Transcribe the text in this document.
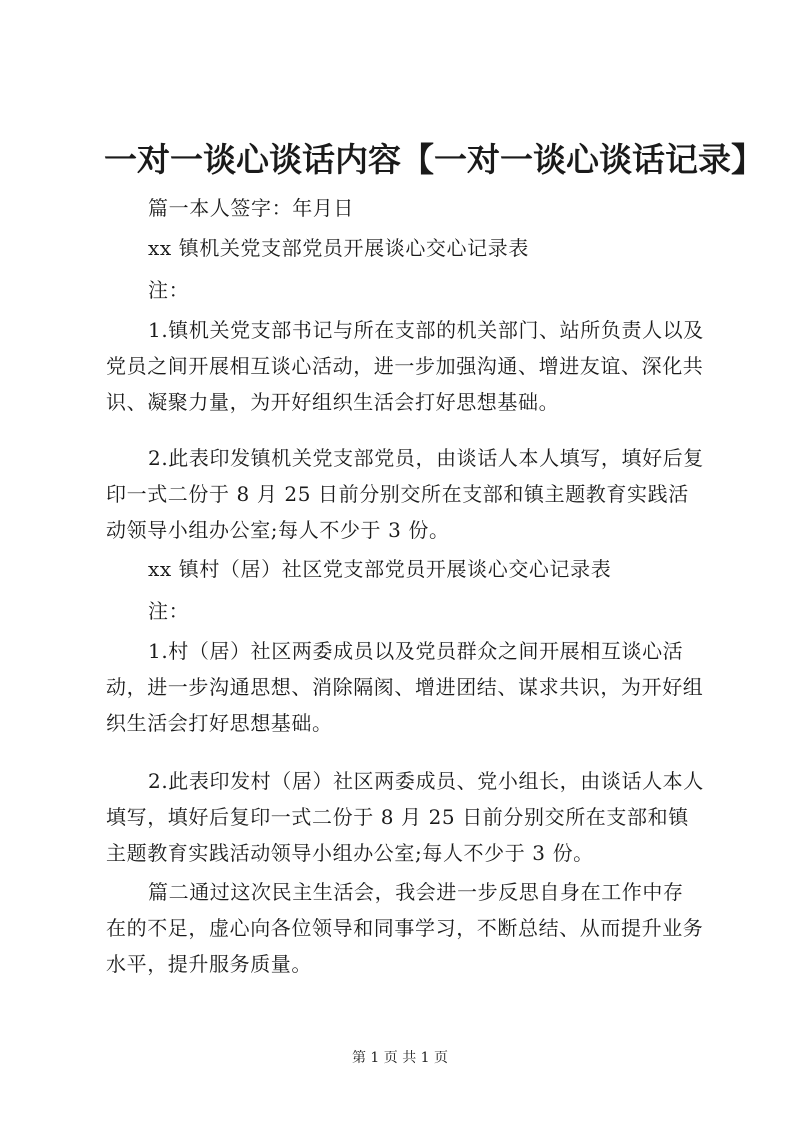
一对一谈心谈话内容【一对一谈心谈话记录】

篇一本人签字：年月日

xx 镇机关党支部党员开展谈心交心记录表

注：

1.镇机关党支部书记与所在支部的机关部门、站所负责人以及党员之间开展相互谈心活动，进一步加强沟通、增进友谊、深化共识、凝聚力量，为开好组织生活会打好思想基础。

2.此表印发镇机关党支部党员，由谈话人本人填写，填好后复印一式二份于 8 月 25 日前分别交所在支部和镇主题教育实践活动领导小组办公室;每人不少于 3 份。

xx 镇村（居）社区党支部党员开展谈心交心记录表

注：

1.村（居）社区两委成员以及党员群众之间开展相互谈心活动，进一步沟通思想、消除隔阂、增进团结、谋求共识，为开好组织生活会打好思想基础。

2.此表印发村（居）社区两委成员、党小组长，由谈话人本人填写，填好后复印一式二份于 8 月 25 日前分别交所在支部和镇主题教育实践活动领导小组办公室;每人不少于 3 份。

篇二通过这次民主生活会，我会进一步反思自身在工作中存在的不足，虚心向各位领导和同事学习，不断总结、从而提升业务水平，提升服务质量。

第 1 页 共 1 页
